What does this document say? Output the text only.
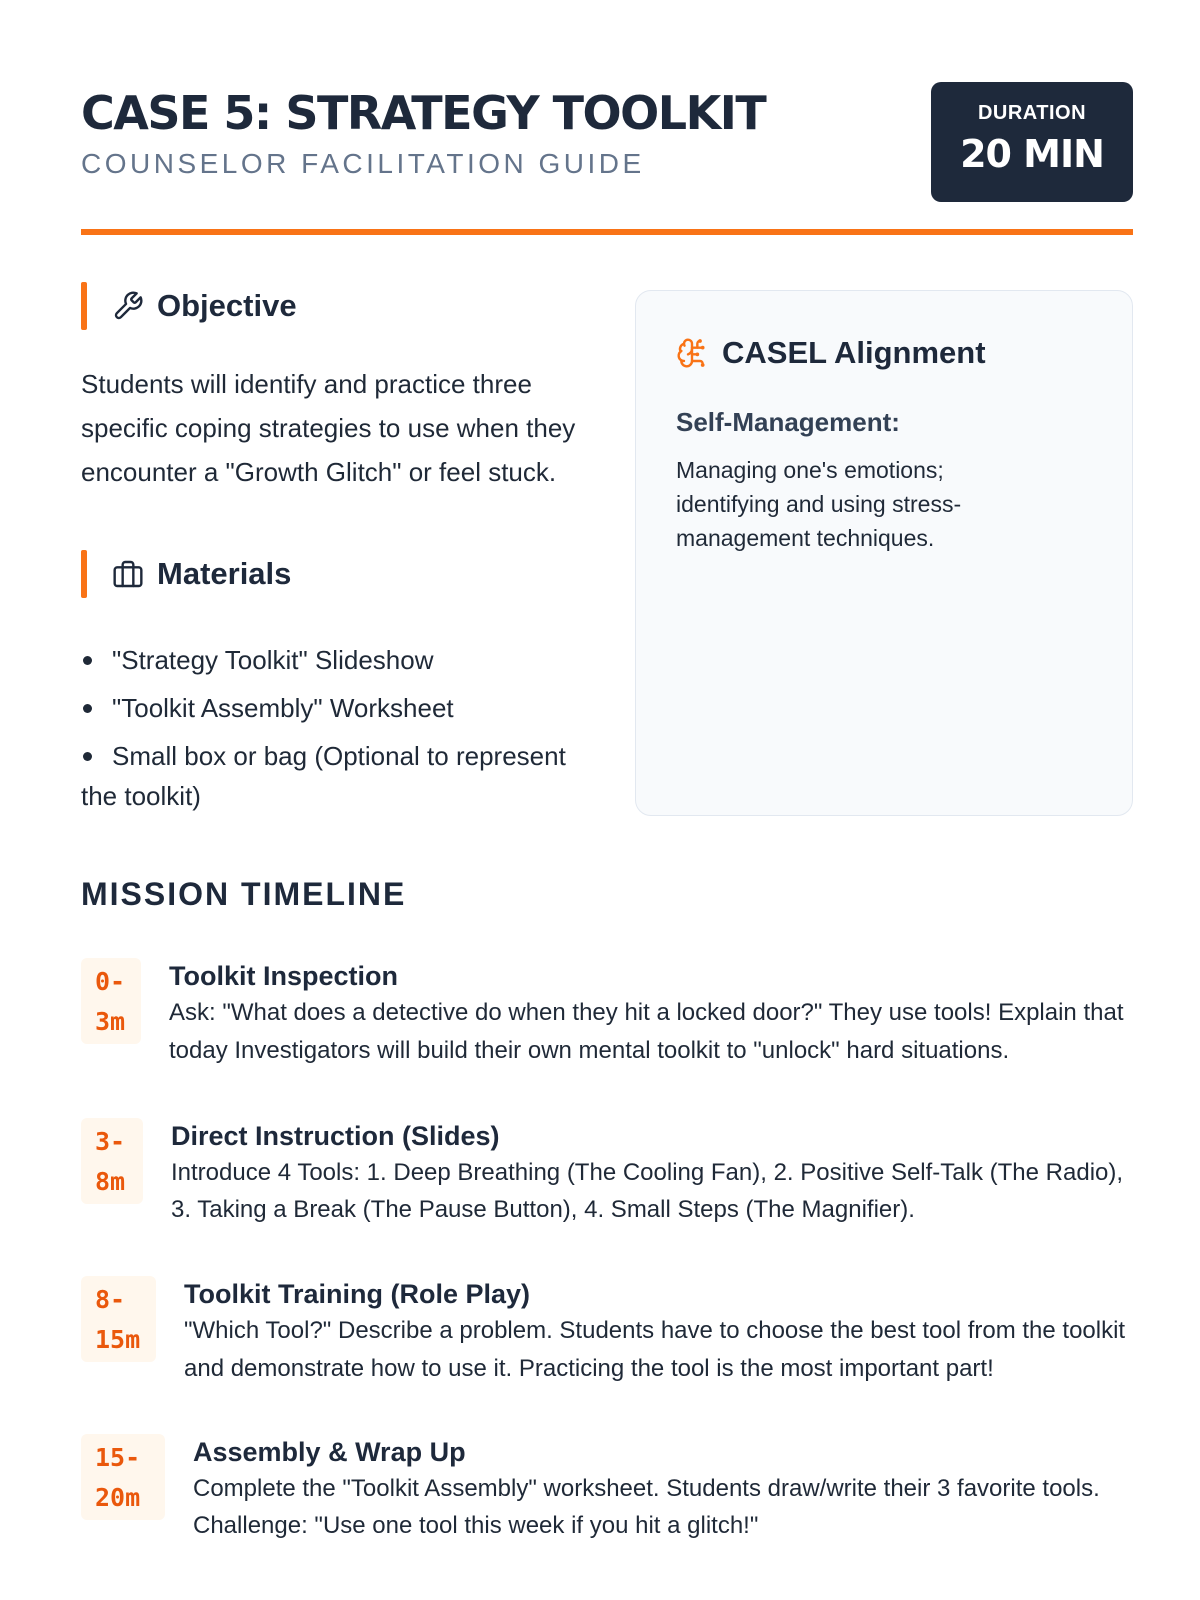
CASE 5: STRATEGY TOOLKIT
COUNSELOR FACILITATION GUIDE
DURATION
20 MIN
Objective

Students will identify and practice three specific coping strategies to use when they encounter a "Growth Glitch" or feel stuck.

Materials
"Strategy Toolkit" Slideshow
"Toolkit Assembly" Worksheet
Small box or bag (Optional to represent the toolkit)
CASEL Alignment
Self-Management:

Managing one's emotions; identifying and using stress-management techniques.

MISSION TIMELINE
0-3m
Toolkit Inspection

Ask: "What does a detective do when they hit a locked door?" They use tools! Explain that today Investigators will build their own mental toolkit to "unlock" hard situations.

3-8m
Direct Instruction (Slides)

Introduce 4 Tools: 1. Deep Breathing (The Cooling Fan), 2. Positive Self-Talk (The Radio), 3. Taking a Break (The Pause Button), 4. Small Steps (The Magnifier).

8-15m
Toolkit Training (Role Play)

"Which Tool?" Describe a problem. Students have to choose the best tool from the toolkit and demonstrate how to use it. Practicing the tool is the most important part!

15-20m
Assembly & Wrap Up

Complete the "Toolkit Assembly" worksheet. Students draw/write their 3 favorite tools. Challenge: "Use one tool this week if you hit a glitch!"
